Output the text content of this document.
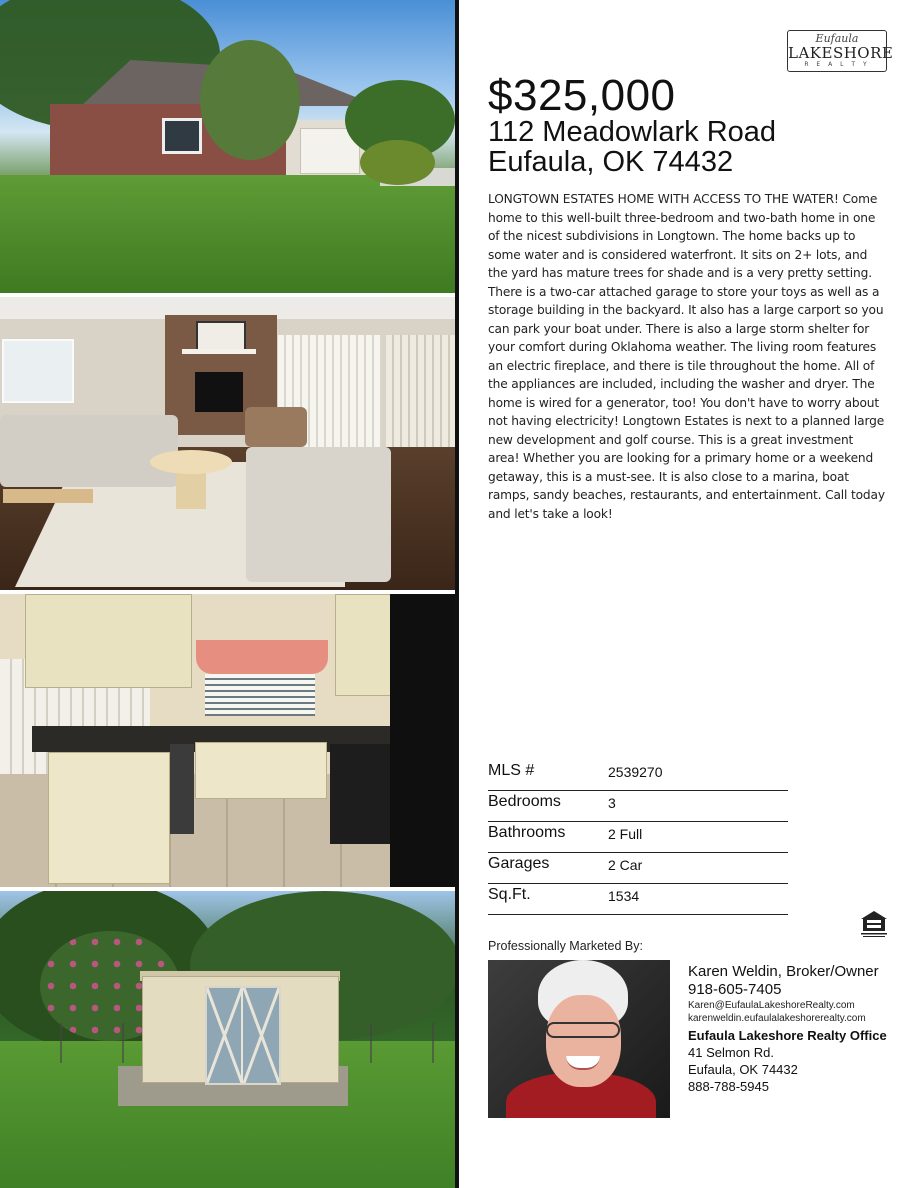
Eufaula
LAKESHORE
R E A L T Y
$325,000
112 Meadowlark Road
Eufaula, OK 74432
LONGTOWN ESTATES HOME WITH ACCESS TO THE WATER! Come home to this well-built three-bedroom and two-bath home in one of the nicest subdivisions in Longtown. The home backs up to some water and is considered waterfront. It sits on 2+ lots, and the yard has mature trees for shade and is a very pretty setting. There is a two-car attached garage to store your toys as well as a storage building in the backyard. It also has a large carport so you can park your boat under. There is also a large storm shelter for your comfort during Oklahoma weather. The living room features an electric fireplace, and there is tile throughout the home. All of the appliances are included, including the washer and dryer. The home is wired for a generator, too! You don't have to worry about not having electricity! Longtown Estates is next to a planned large new development and golf course. This is a great investment area! Whether you are looking for a primary home or a weekend getaway, this is a must-see. It is also close to a marina, boat ramps, sandy beaches, restaurants, and entertainment. Call today and let's take a look!
MLS #	2539270
Bedrooms	3
Bathrooms	2 Full
Garages	2 Car
Sq.Ft.	1534
Professionally Marketed By:
Karen Weldin, Broker/Owner
918-605-7405
Karen@EufaulaLakeshoreRealty.com
karenweldin.eufaulalakeshorerealty.com
Eufaula Lakeshore Realty Office
41 Selmon Rd.
Eufaula, OK 74432
888-788-5945
